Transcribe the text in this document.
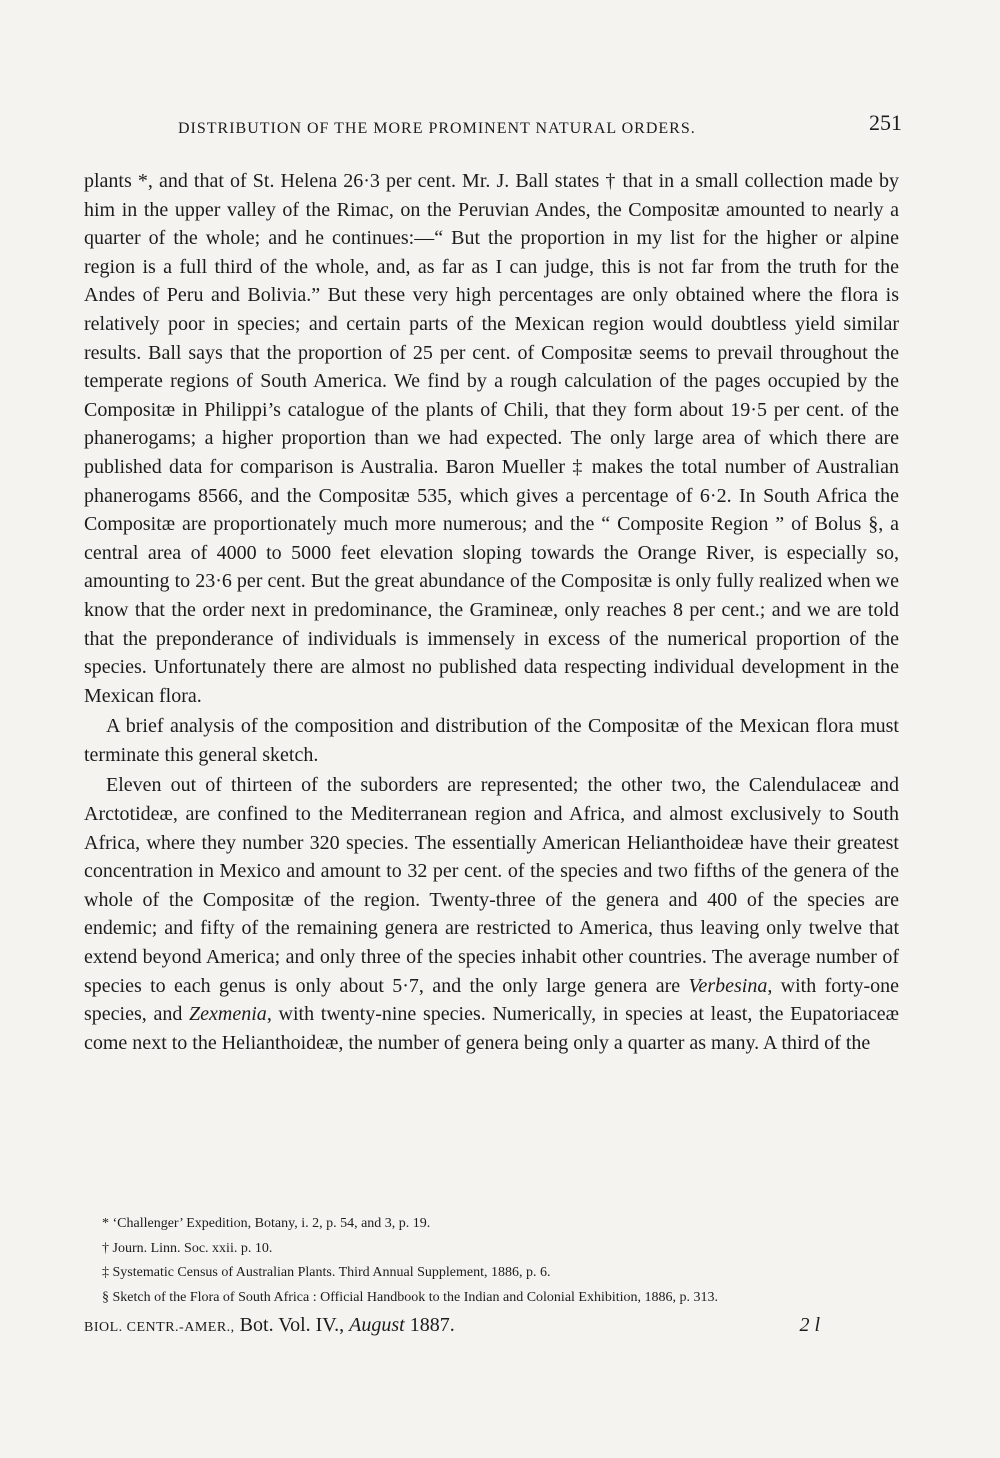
DISTRIBUTION OF THE MORE PROMINENT NATURAL ORDERS.	251

plants *, and that of St. Helena 26·3 per cent. Mr. J. Ball states † that in a small collection made by him in the upper valley of the Rimac, on the Peruvian Andes, the Compositæ amounted to nearly a quarter of the whole; and he continues:—“ But the proportion in my list for the higher or alpine region is a full third of the whole, and, as far as I can judge, this is not far from the truth for the Andes of Peru and Bolivia.” But these very high percentages are only obtained where the flora is relatively poor in species; and certain parts of the Mexican region would doubtless yield similar results. Ball says that the proportion of 25 per cent. of Compositæ seems to prevail throughout the temperate regions of South America. We find by a rough calculation of the pages occupied by the Compositæ in Philippi’s catalogue of the plants of Chili, that they form about 19·5 per cent. of the phanerogams; a higher proportion than we had expected. The only large area of which there are published data for comparison is Australia. Baron Mueller ‡ makes the total number of Australian phanerogams 8566, and the Compositæ 535, which gives a percentage of 6·2. In South Africa the Compositæ are proportionately much more numerous; and the “ Composite Region ” of Bolus §, a central area of 4000 to 5000 feet elevation sloping towards the Orange River, is especially so, amounting to 23·6 per cent. But the great abundance of the Compositæ is only fully realized when we know that the order next in predominance, the Gramineæ, only reaches 8 per cent.; and we are told that the preponderance of individuals is immensely in excess of the numerical proportion of the species. Unfortunately there are almost no published data respecting individual development in the Mexican flora.

A brief analysis of the composition and distribution of the Compositæ of the Mexican flora must terminate this general sketch.

Eleven out of thirteen of the suborders are represented; the other two, the Calendulaceæ and Arctotideæ, are confined to the Mediterranean region and Africa, and almost exclusively to South Africa, where they number 320 species. The essentially American Helianthoideæ have their greatest concentration in Mexico and amount to 32 per cent. of the species and two fifths of the genera of the whole of the Compositæ of the region. Twenty-three of the genera and 400 of the species are endemic; and fifty of the remaining genera are restricted to America, thus leaving only twelve that extend beyond America; and only three of the species inhabit other countries. The average number of species to each genus is only about 5·7, and the only large genera are Verbesina, with forty-one species, and Zexmenia, with twenty-nine species. Numerically, in species at least, the Eupatoriaceæ come next to the Helianthoideæ, the number of genera being only a quarter as many. A third of the

* ‘Challenger’ Expedition, Botany, i. 2, p. 54, and 3, p. 19.
† Journ. Linn. Soc. xxii. p. 10.
‡ Systematic Census of Australian Plants. Third Annual Supplement, 1886, p. 6.
§ Sketch of the Flora of South Africa : Official Handbook to the Indian and Colonial Exhibition, 1886, p. 313.
BIOL. CENTR.-AMER., Bot. Vol. IV., August 1887.	2 l
